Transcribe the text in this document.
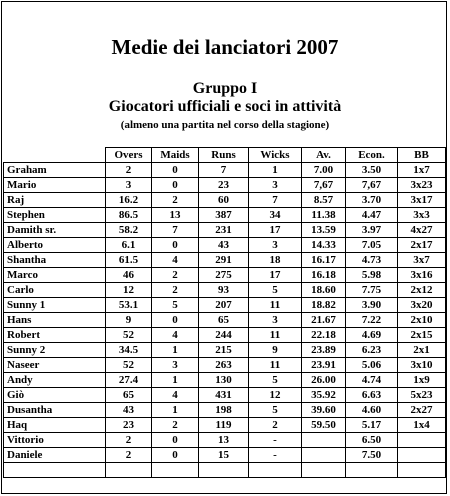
Medie dei lanciatori 2007
Gruppo I
Giocatori ufficiali e soci in attività
(almeno una partita nel corso della stagione)
	Overs	Maids	Runs	Wicks	Av.	Econ.	BB
Graham	2	0	7	1	7.00	3.50	1x7
Mario	3	0	23	3	7,67	7,67	3x23
Raj	16.2	2	60	7	8.57	3.70	3x17
Stephen	86.5	13	387	34	11.38	4.47	3x3
Damith sr.	58.2	7	231	17	13.59	3.97	4x27
Alberto	6.1	0	43	3	14.33	7.05	2x17
Shantha	61.5	4	291	18	16.17	4.73	3x7
Marco	46	2	275	17	16.18	5.98	3x16
Carlo	12	2	93	5	18.60	7.75	2x12
Sunny 1	53.1	5	207	11	18.82	3.90	3x20
Hans	9	0	65	3	21.67	7.22	2x10
Robert	52	4	244	11	22.18	4.69	2x15
Sunny 2	34.5	1	215	9	23.89	6.23	2x1
Naseer	52	3	263	11	23.91	5.06	3x10
Andy	27.4	1	130	5	26.00	4.74	1x9
Giò	65	4	431	12	35.92	6.63	5x23
Dusantha	43	1	198	5	39.60	4.60	2x27
Haq	23	2	119	2	59.50	5.17	1x4
Vittorio	2	0	13	-		6.50	
Daniele	2	0	15	-		7.50	
